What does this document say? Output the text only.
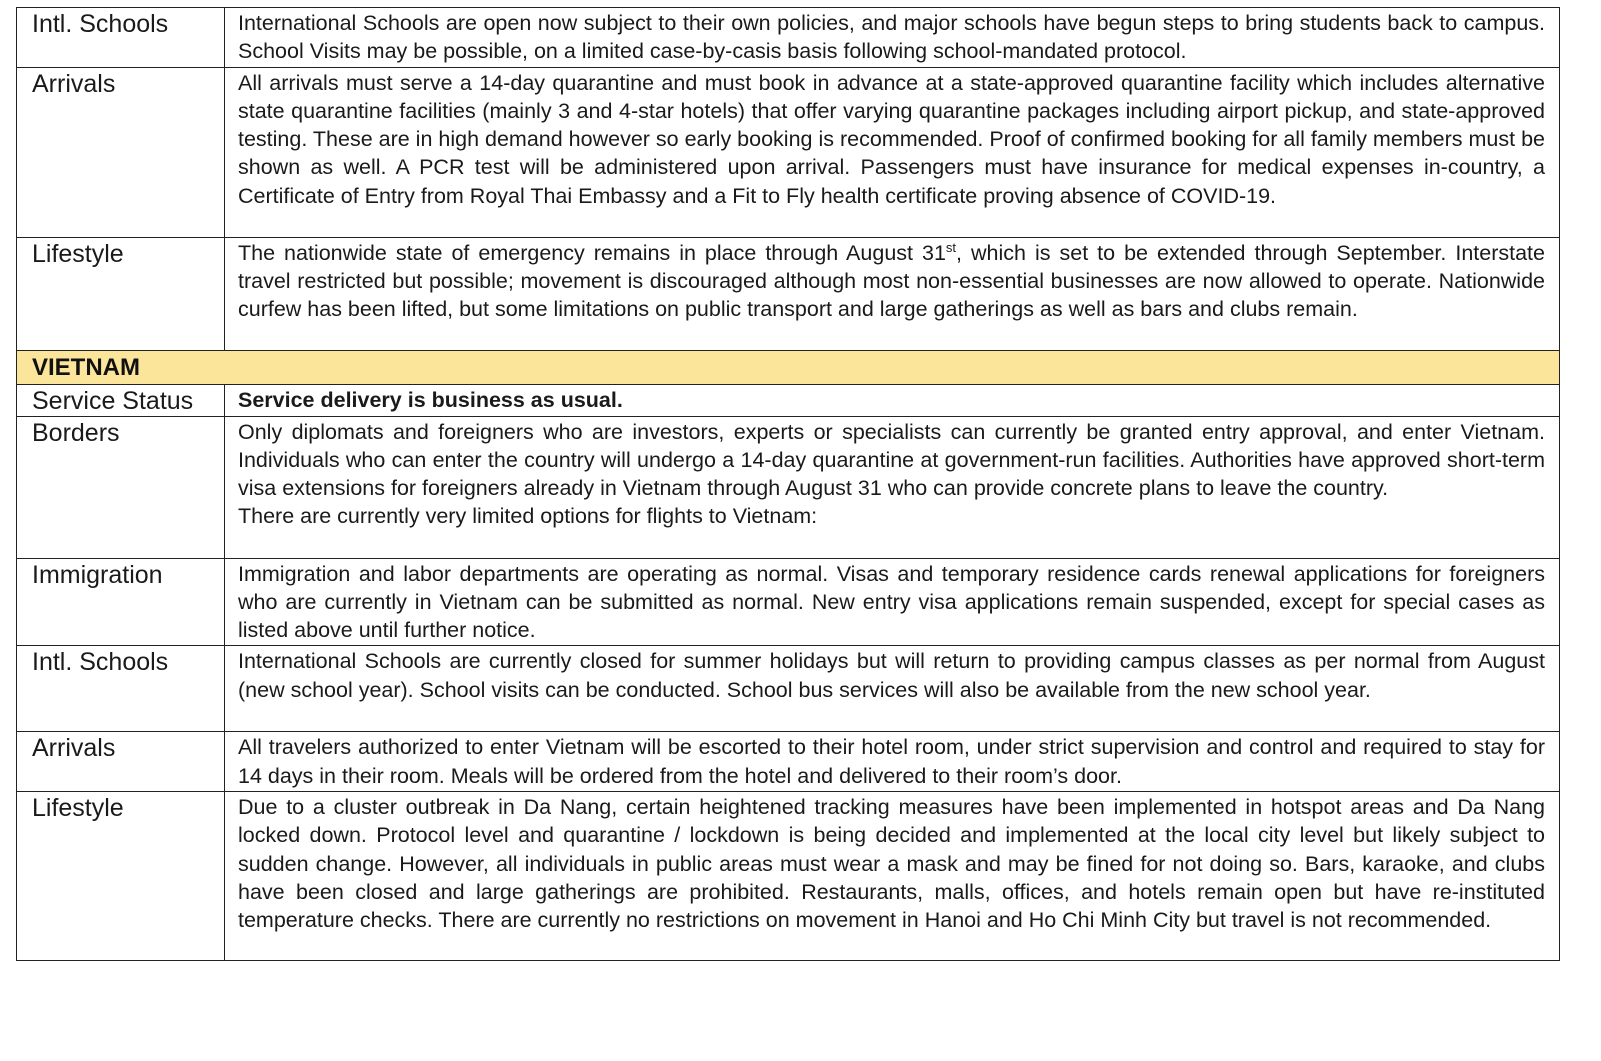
Intl. Schools	International Schools are open now subject to their own policies, and major schools have begun steps to bring students back to campus. School Visits may be possible, on a limited case-by-casis basis following school-mandated protocol.
Arrivals	All arrivals must serve a 14-day quarantine and must book in advance at a state-approved quarantine facility which includes alternative state quarantine facilities (mainly 3 and 4-star hotels) that offer varying quarantine packages including airport pickup, and state-approved testing. These are in high demand however so early booking is recommended. Proof of confirmed booking for all family members must be shown as well. A PCR test will be administered upon arrival. Passengers must have insurance for medical expenses in-country, a Certificate of Entry from Royal Thai Embassy and a Fit to Fly health certificate proving absence of COVID-19.
Lifestyle	The nationwide state of emergency remains in place through August 31st, which is set to be extended through September. Interstate travel restricted but possible; movement is discouraged although most non-essential businesses are now allowed to operate. Nationwide curfew has been lifted, but some limitations on public transport and large gatherings as well as bars and clubs remain.
VIETNAM	
Service Status	Service delivery is business as usual.
Borders	Only diplomats and foreigners who are investors, experts or specialists can currently be granted entry approval, and enter Vietnam. Individuals who can enter the country will undergo a 14-day quarantine at government-run facilities. Authorities have approved short-term visa extensions for foreigners already in Vietnam through August 31 who can provide concrete plans to leave the country.

There are currently very limited options for flights to Vietnam:

Immigration	Immigration and labor departments are operating as normal. Visas and temporary residence cards renewal applications for foreigners who are currently in Vietnam can be submitted as normal. New entry visa applications remain suspended, except for special cases as listed above until further notice.
Intl. Schools	International Schools are currently closed for summer holidays but will return to providing campus classes as per normal from August (new school year). School visits can be conducted. School bus services will also be available from the new school year.
Arrivals	All travelers authorized to enter Vietnam will be escorted to their hotel room, under strict supervision and control and required to stay for 14 days in their room. Meals will be ordered from the hotel and delivered to their room’s door.
Lifestyle	Due to a cluster outbreak in Da Nang, certain heightened tracking measures have been implemented in hotspot areas and Da Nang locked down. Protocol level and quarantine / lockdown is being decided and implemented at the local city level but likely subject to sudden change. However, all individuals in public areas must wear a mask and may be fined for not doing so. Bars, karaoke, and clubs have been closed and large gatherings are prohibited. Restaurants, malls, offices, and hotels remain open but have re-instituted temperature checks. There are currently no restrictions on movement in Hanoi and Ho Chi Minh City but travel is not recommended.
